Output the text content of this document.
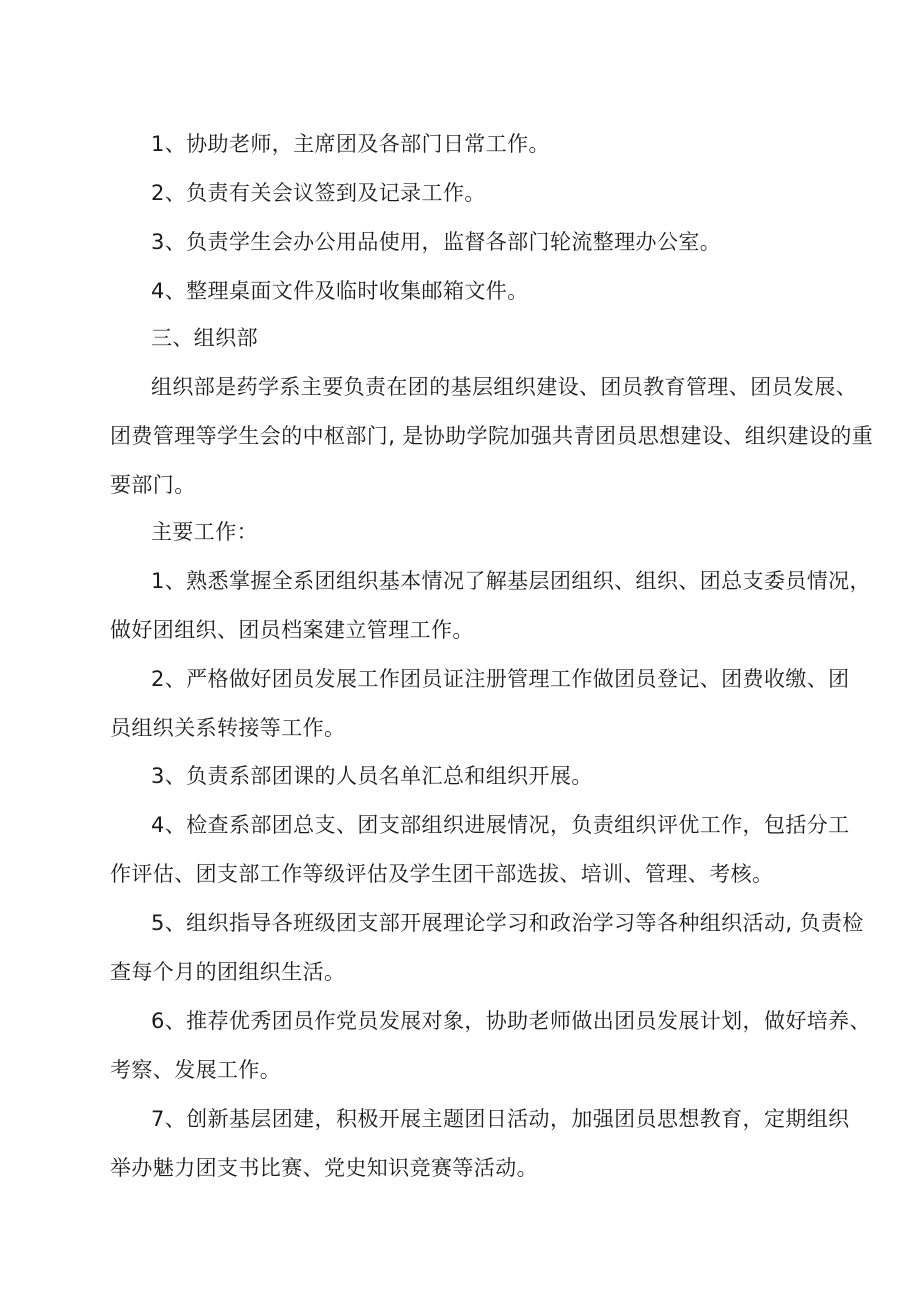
1、协助老师，主席团及各部门日常工作。
2、负责有关会议签到及记录工作。
3、负责学生会办公用品使用，监督各部门轮流整理办公室。
4、整理桌面文件及临时收集邮箱文件。
三、组织部
组织部是药学系主要负责在团的基层组织建设、团员教育管理、团员发展、
团费管理等学生会的中枢部门, 是协助学院加强共青团员思想建设、组织建设的重
要部门。
主要工作：
1、熟悉掌握全系团组织基本情况了解基层团组织、组织、团总支委员情况，
做好团组织、团员档案建立管理工作。
2、严格做好团员发展工作团员证注册管理工作做团员登记、团费收缴、团
员组织关系转接等工作。
3、负责系部团课的人员名单汇总和组织开展。
4、检查系部团总支、团支部组织进展情况，负责组织评优工作，包括分工
作评估、团支部工作等级评估及学生团干部选拔、培训、管理、考核。
5、组织指导各班级团支部开展理论学习和政治学习等各种组织活动, 负责检
查每个月的团组织生活。
6、推荐优秀团员作党员发展对象，协助老师做出团员发展计划，做好培养、
考察、发展工作。
7、创新基层团建，积极开展主题团日活动，加强团员思想教育，定期组织
举办魅力团支书比赛、党史知识竞赛等活动。
